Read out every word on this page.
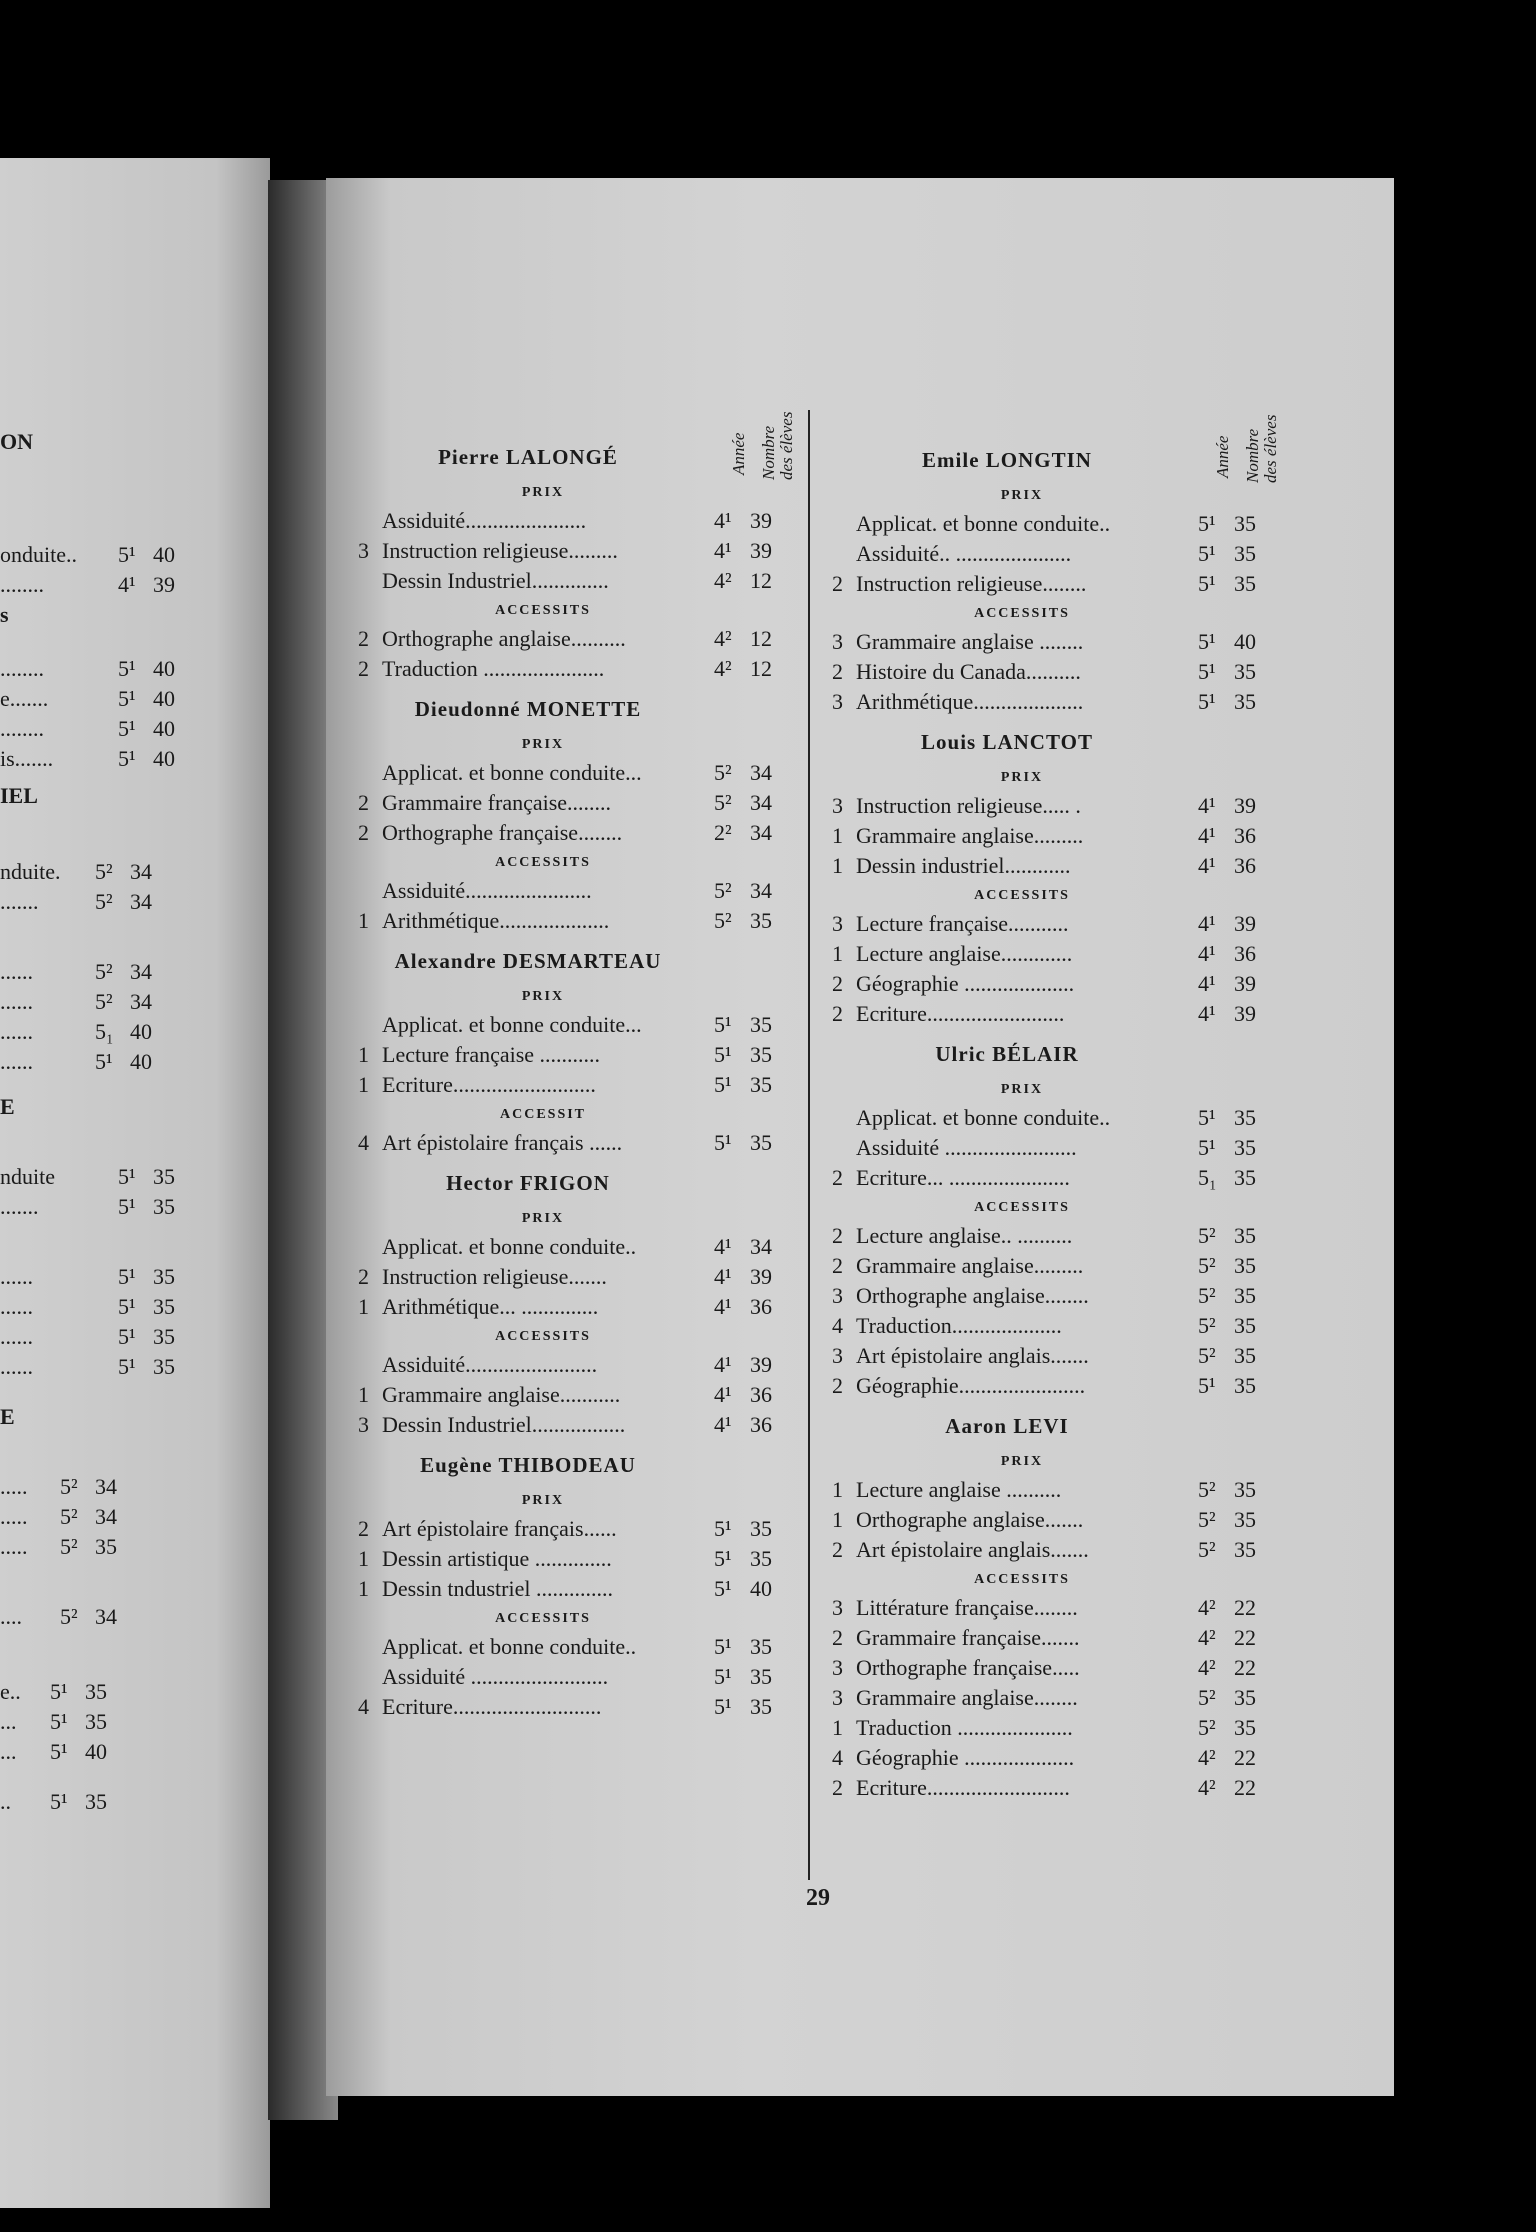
ON
onduite.. 5¹ 40
........	4¹ 39
s
........	5¹ 40
e.......	5¹ 40
........	5¹ 40
is.......	5¹ 40
IEL
nduite. 5² 34
.......	5² 34
......	5² 34
......	5² 34
......	5₁ 40
......	5¹ 40
E
nduite	5¹ 35
.......	5¹ 35
......	5¹ 35
......	5¹ 35
......	5¹ 35
......	5¹ 35
E
..... 5² 34
..... 5² 34
..... 5² 35
.... 5² 34
e.. 5¹ 35
... 5¹ 35
... 5¹ 40
.. 5¹ 35
29
Pierre LALONGÉ	Année Nombre des élèves
PRIX
Assiduité......................	4¹ 39
3 Instruction religieuse.........	4¹ 39
Dessin Industriel..............	4² 12
ACCESSITS
2 Orthographe anglaise..........	4² 12
2 Traduction ......................	4² 12
Dieudonné MONETTE
PRIX
Applicat. et bonne conduite...	5² 34
2 Grammaire française........	5² 34
2 Orthographe française........	2² 34
ACCESSITS
Assiduité.......................	5² 34
1 Arithmétique....................	5² 35
Alexandre DESMARTEAU
PRIX
Applicat. et bonne conduite...	5¹ 35
1 Lecture française ...........	5¹ 35
1 Ecriture..........................	5¹ 35
ACCESSIT
4 Art épistolaire français ......	5¹ 35
Hector FRIGON
PRIX
Applicat. et bonne conduite..	4¹ 34
2 Instruction religieuse.......	4¹ 39
1 Arithmétique... ..............	4¹ 36
ACCESSITS
Assiduité........................	4¹ 39
1 Grammaire anglaise...........	4¹ 36
3 Dessin Industriel.................	4¹ 36
Eugène THIBODEAU
PRIX
2 Art épistolaire français......	5¹ 35
1 Dessin artistique ..............	5¹ 35
1 Dessin tndustriel ..............	5¹ 40
ACCESSITS
Applicat. et bonne conduite..	5¹ 35
Assiduité .........................	5¹ 35
4 Ecriture...........................	5¹ 35
Emile LONGTIN	Année Nombre des élèves
PRIX
Applicat. et bonne conduite..	5¹ 35
Assiduité.. .....................	5¹ 35
2 Instruction religieuse........	5¹ 35
ACCESSITS
3 Grammaire anglaise ........	5¹ 40
2 Histoire du Canada..........	5¹ 35
3 Arithmétique....................	5¹ 35
Louis LANCTOT
PRIX
3 Instruction religieuse..... .	4¹ 39
1 Grammaire anglaise.........	4¹ 36
1 Dessin industriel............	4¹ 36
ACCESSITS
3 Lecture française...........	4¹ 39
1 Lecture anglaise.............	4¹ 36
2 Géographie ....................	4¹ 39
2 Ecriture.........................	4¹ 39
Ulric BÉLAIR
PRIX
Applicat. et bonne conduite..	5¹ 35
Assiduité ........................	5¹ 35
2 Ecriture... ......................	5₁ 35
ACCESSITS
2 Lecture anglaise.. ..........	5² 35
2 Grammaire anglaise.........	5² 35
3 Orthographe anglaise........	5² 35
4 Traduction....................	5² 35
3 Art épistolaire anglais.......	5² 35
2 Géographie.......................	5¹ 35
Aaron LEVI
PRIX
1 Lecture anglaise ..........	5² 35
1 Orthographe anglaise.......	5² 35
2 Art épistolaire anglais.......	5² 35
ACCESSITS
3 Littérature française........	4² 22
2 Grammaire française.......	4² 22
3 Orthographe française.....	4² 22
3 Grammaire anglaise........	5² 35
1 Traduction .....................	5² 35
4 Géographie ....................	4² 22
2 Ecriture..........................	4² 22
